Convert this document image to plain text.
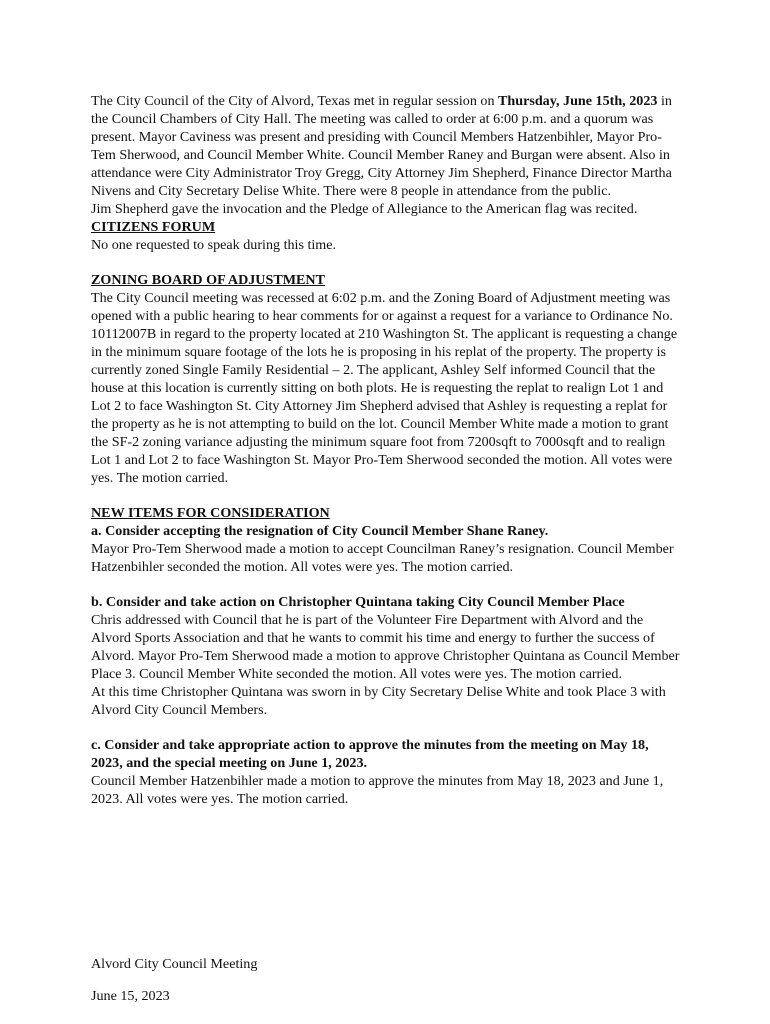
The City Council of the City of Alvord, Texas met in regular session on Thursday, June 15th, 2023 in the Council Chambers of City Hall. The meeting was called to order at 6:00 p.m. and a quorum was present. Mayor Caviness was present and presiding with Council Members Hatzenbihler, Mayor Pro-Tem Sherwood, and Council Member White. Council Member Raney and Burgan were absent. Also in attendance were City Administrator Troy Gregg, City Attorney Jim Shepherd, Finance Director Martha Nivens and City Secretary Delise White. There were 8 people in attendance from the public.

Jim Shepherd gave the invocation and the Pledge of Allegiance to the American flag was recited.

CITIZENS FORUM

No one requested to speak during this time.

ZONING BOARD OF ADJUSTMENT

The City Council meeting was recessed at 6:02 p.m. and the Zoning Board of Adjustment meeting was opened with a public hearing to hear comments for or against a request for a variance to Ordinance No. 10112007B in regard to the property located at 210 Washington St. The applicant is requesting a change in the minimum square footage of the lots he is proposing in his replat of the property. The property is currently zoned Single Family Residential – 2. The applicant, Ashley Self informed Council that the house at this location is currently sitting on both plots. He is requesting the replat to realign Lot 1 and Lot 2 to face Washington St. City Attorney Jim Shepherd advised that Ashley is requesting a replat for the property as he is not attempting to build on the lot. Council Member White made a motion to grant the SF-2 zoning variance adjusting the minimum square foot from 7200sqft to 7000sqft and to realign Lot 1 and Lot 2 to face Washington St. Mayor Pro-Tem Sherwood seconded the motion. All votes were yes. The motion carried.

NEW ITEMS FOR CONSIDERATION
a. Consider accepting the resignation of City Council Member Shane Raney.

Mayor Pro-Tem Sherwood made a motion to accept Councilman Raney’s resignation. Council Member Hatzenbihler seconded the motion. All votes were yes. The motion carried.

b. Consider and take action on Christopher Quintana taking City Council Member Place

Chris addressed with Council that he is part of the Volunteer Fire Department with Alvord and the Alvord Sports Association and that he wants to commit his time and energy to further the success of Alvord. Mayor Pro-Tem Sherwood made a motion to approve Christopher Quintana as Council Member Place 3. Council Member White seconded the motion. All votes were yes. The motion carried.

At this time Christopher Quintana was sworn in by City Secretary Delise White and took Place 3 with Alvord City Council Members.

c. Consider and take appropriate action to approve the minutes from the meeting on May 18, 2023, and the special meeting on June 1, 2023.

Council Member Hatzenbihler made a motion to approve the minutes from May 18, 2023 and June 1, 2023. All votes were yes. The motion carried.

Alvord City Council Meeting

June 15, 2023
